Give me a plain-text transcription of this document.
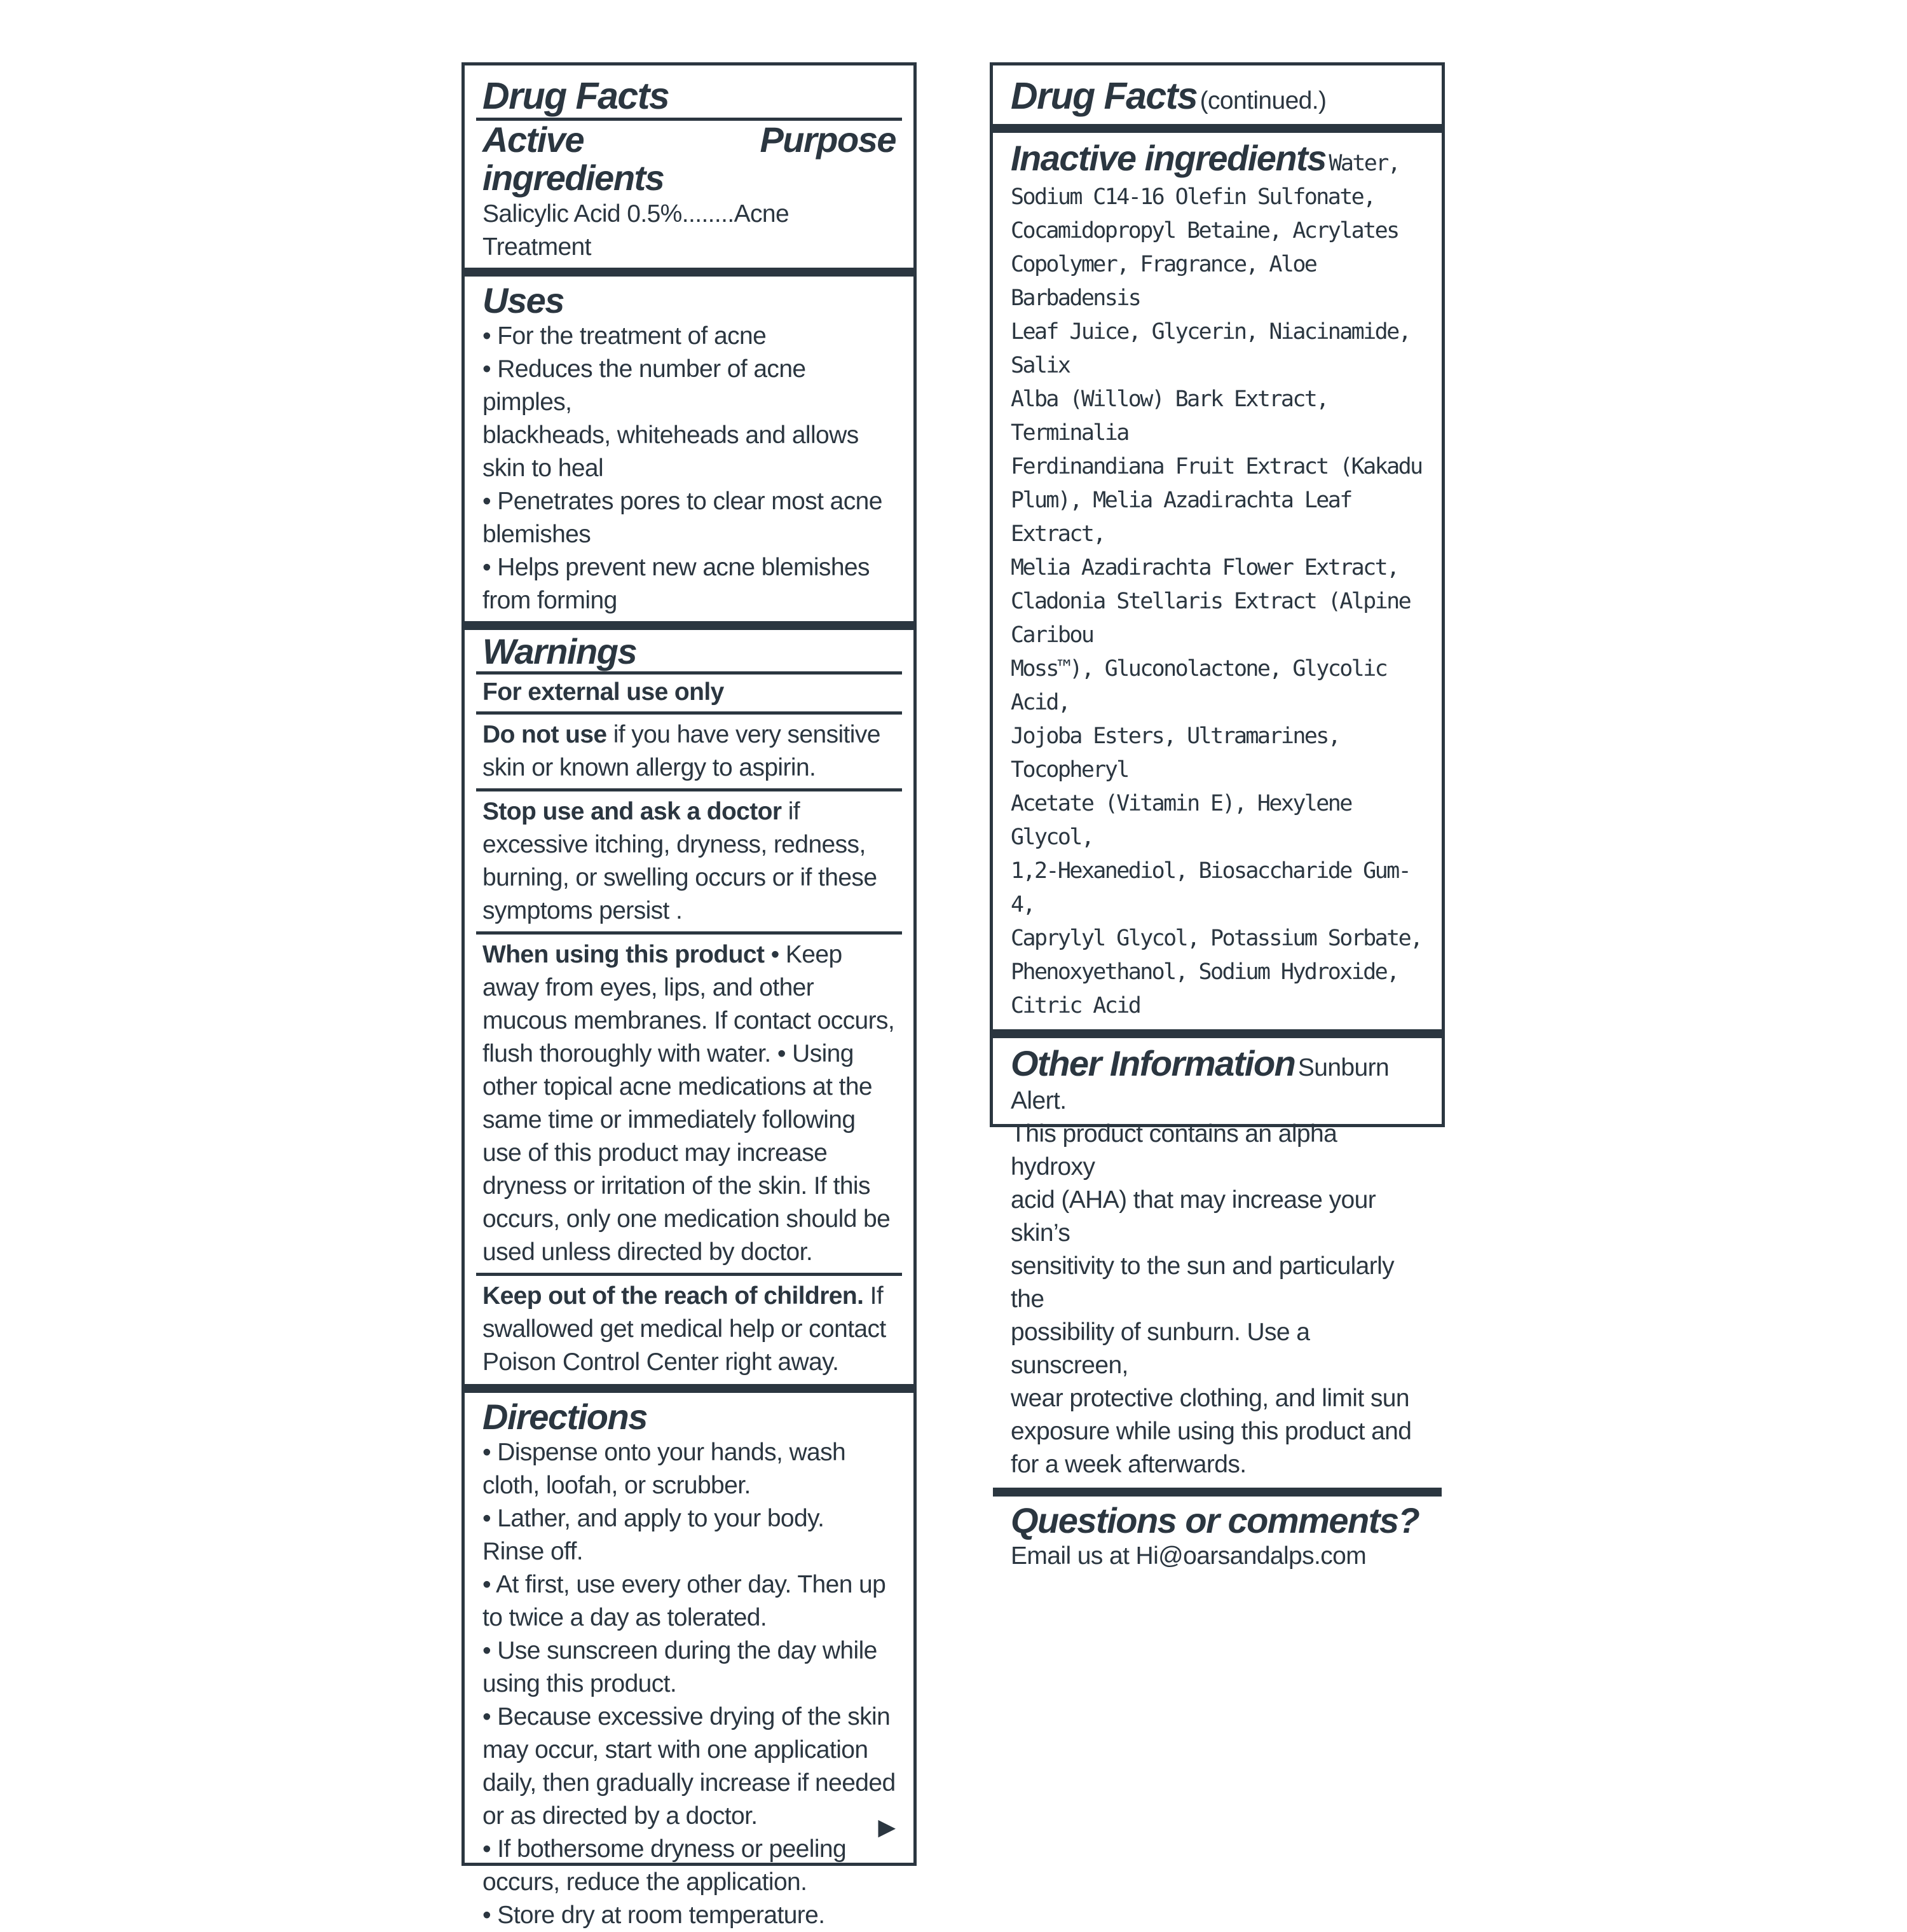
Drug Facts
Active ingredients
Purpose
Salicylic Acid 0.5%........Acne Treatment
Uses
• For the treatment of acne
• Reduces the number of acne pimples,
blackheads, whiteheads and allows
skin to heal
• Penetrates pores to clear most acne
blemishes
• Helps prevent new acne blemishes
from forming
Warnings
For external use only
Do not use if you have very sensitive
skin or known allergy to aspirin.
Stop use and ask a doctor if
excessive itching, dryness, redness,
burning, or swelling occurs or if these
symptoms persist .
When using this product • Keep
away from eyes, lips, and other
mucous membranes. If contact occurs,
flush thoroughly with water. • Using
other topical acne medications at the
same time or immediately following
use of this product may increase
dryness or irritation of the skin. If this
occurs, only one medication should be
used unless directed by doctor.
Keep out of the reach of children. If
swallowed get medical help or contact
Poison Control Center right away.
Directions
• Dispense onto your hands, wash
cloth, loofah, or scrubber.
• Lather, and apply to your body.
Rinse off.
• At first, use every other day. Then up
to twice a day as tolerated.
• Use sunscreen during the day while
using this product.
• Because excessive drying of the skin
may occur, start with one application
daily, then gradually increase if needed
or as directed by a doctor.
• If bothersome dryness or peeling
occurs, reduce the application.
• Store dry at room temperature.
▶
Drug Facts (continued.)
Inactive ingredients Water,
Sodium C14-16 Olefin Sulfonate,
Cocamidopropyl Betaine, Acrylates
Copolymer, Fragrance, Aloe Barbadensis
Leaf Juice, Glycerin, Niacinamide, Salix
Alba (Willow) Bark Extract, Terminalia
Ferdinandiana Fruit Extract (Kakadu
Plum), Melia Azadirachta Leaf Extract,
Melia Azadirachta Flower Extract,
Cladonia Stellaris Extract (Alpine Caribou
Moss™), Gluconolactone, Glycolic Acid,
Jojoba Esters, Ultramarines, Tocopheryl
Acetate (Vitamin E), Hexylene Glycol,
1,2-Hexanediol, Biosaccharide Gum-4,
Caprylyl Glycol, Potassium Sorbate,
Phenoxyethanol, Sodium Hydroxide,
Citric Acid
Other Information Sunburn Alert.
This product contains an alpha hydroxy
acid (AHA) that may increase your skin’s
sensitivity to the sun and particularly the
possibility of sunburn. Use a sunscreen,
wear protective clothing, and limit sun
exposure while using this product and
for a week afterwards.
Questions or comments?
Email us at Hi@oarsandalps.com
